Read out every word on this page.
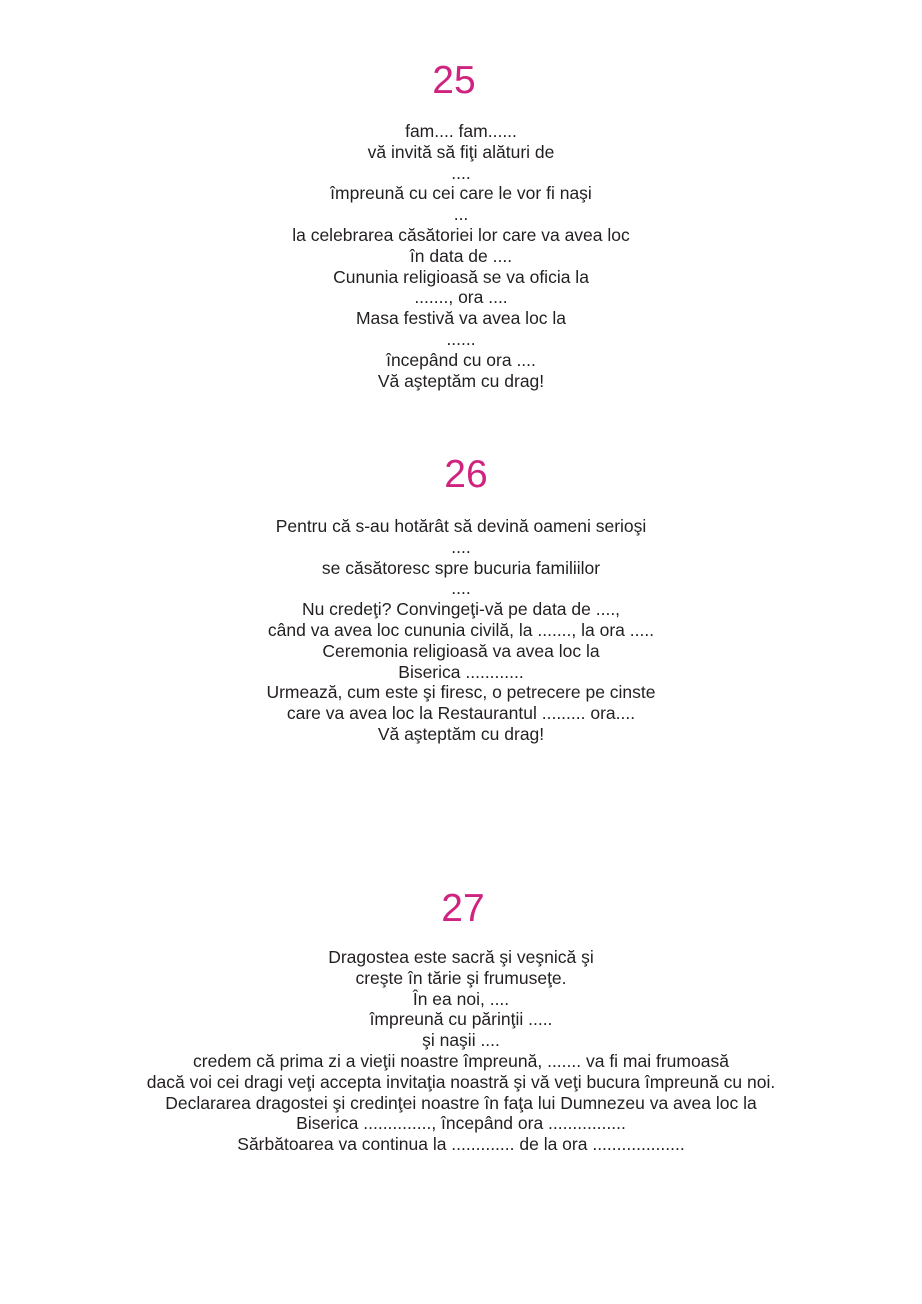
25
fam.... fam......
vă invită să fiţi alături de
....
împreună cu cei care le vor fi naşi
...
la celebrarea căsătoriei lor care va avea loc
în data de ....
Cununia religioasă se va oficia la
......., ora ....
Masa festivă va avea loc la
......
începând cu ora ....
Vă aşteptăm cu drag!
26
Pentru că s-au hotărât să devină oameni serioşi
....
se căsătoresc spre bucuria familiilor
....
Nu credeţi? Convingeţi-vă pe data de ....,
când va avea loc cununia civilă, la ......., la ora .....
Ceremonia religioasă va avea loc la
Biserica ............
Urmează, cum este şi firesc, o petrecere pe cinste
care va avea loc la Restaurantul ......... ora....
Vă aşteptăm cu drag!
27
Dragostea este sacră şi veşnică şi
creşte în tărie şi frumuseţe.
În ea noi, ....
împreună cu părinţii .....
şi naşii ....
credem că prima zi a vieţii noastre împreună, ....... va fi mai frumoasă
dacă voi cei dragi veţi accepta invitaţia noastră şi vă veţi bucura împreună cu noi.
Declararea dragostei şi credinţei noastre în faţa lui Dumnezeu va avea loc la
Biserica .............., începând ora ................
Sărbătoarea va continua la ............. de la ora ...................
